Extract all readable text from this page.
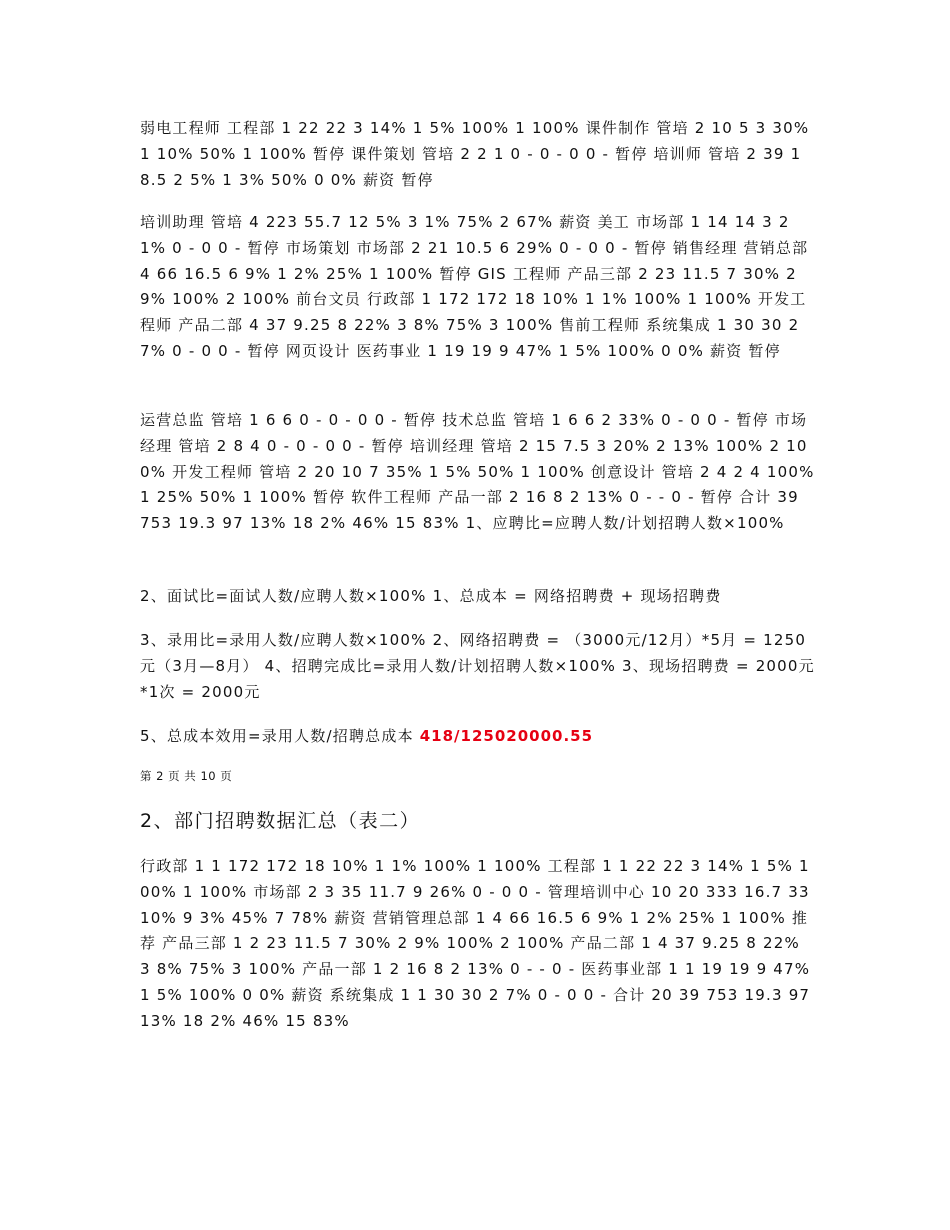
弱电工程师 工程部 1 22 22 3 14% 1 5% 100% 1 100% 课件制作 管培 2 10 5 3 30% 1 10% 50% 1 100% 暂停 课件策划 管培 2 2 1 0 - 0 - 0 0 - 暂停 培训师 管培 2 39 18.5 2 5% 1 3% 50% 0 0% 薪资 暂停

培训助理 管培 4 223 55.7 12 5% 3 1% 75% 2 67% 薪资 美工 市场部 1 14 14 3 21% 0 - 0 0 - 暂停 市场策划 市场部 2 21 10.5 6 29% 0 - 0 0 - 暂停 销售经理 营销总部 4 66 16.5 6 9% 1 2% 25% 1 100% 暂停 GIS 工程师 产品三部 2 23 11.5 7 30% 2 9% 100% 2 100% 前台文员 行政部 1 172 172 18 10% 1 1% 100% 1 100% 开发工程师 产品二部 4 37 9.25 8 22% 3 8% 75% 3 100% 售前工程师 系统集成 1 30 30 2 7% 0 - 0 0 - 暂停 网页设计 医药事业 1 19 19 9 47% 1 5% 100% 0 0% 薪资 暂停

运营总监 管培 1 6 6 0 - 0 - 0 0 - 暂停 技术总监 管培 1 6 6 2 33% 0 - 0 0 - 暂停 市场经理 管培 2 8 4 0 - 0 - 0 0 - 暂停 培训经理 管培 2 15 7.5 3 20% 2 13% 100% 2 100% 开发工程师 管培 2 20 10 7 35% 1 5% 50% 1 100% 创意设计 管培 2 4 2 4 100% 1 25% 50% 1 100% 暂停 软件工程师 产品一部 2 16 8 2 13% 0 - - 0 - 暂停 合计 39 753 19.3 97 13% 18 2% 46% 15 83% 1、应聘比=应聘人数/计划招聘人数×100%

2、面试比=面试人数/应聘人数×100% 1、总成本 = 网络招聘费 + 现场招聘费

3、录用比=录用人数/应聘人数×100% 2、网络招聘费 = （3000元/12月）*5月 = 1250元（3月—8月） 4、招聘完成比=录用人数/计划招聘人数×100% 3、现场招聘费 = 2000元*1次 = 2000元

5、总成本效用=录用人数/招聘总成本 418/125020000.55

第 2 页 共 10 页

2、部门招聘数据汇总（表二）

行政部 1 1 172 172 18 10% 1 1% 100% 1 100% 工程部 1 1 22 22 3 14% 1 5% 100% 1 100% 市场部 2 3 35 11.7 9 26% 0 - 0 0 - 管理培训中心 10 20 333 16.7 33 10% 9 3% 45% 7 78% 薪资 营销管理总部 1 4 66 16.5 6 9% 1 2% 25% 1 100% 推荐 产品三部 1 2 23 11.5 7 30% 2 9% 100% 2 100% 产品二部 1 4 37 9.25 8 22% 3 8% 75% 3 100% 产品一部 1 2 16 8 2 13% 0 - - 0 - 医药事业部 1 1 19 19 9 47% 1 5% 100% 0 0% 薪资 系统集成 1 1 30 30 2 7% 0 - 0 0 - 合计 20 39 753 19.3 97 13% 18 2% 46% 15 83%
